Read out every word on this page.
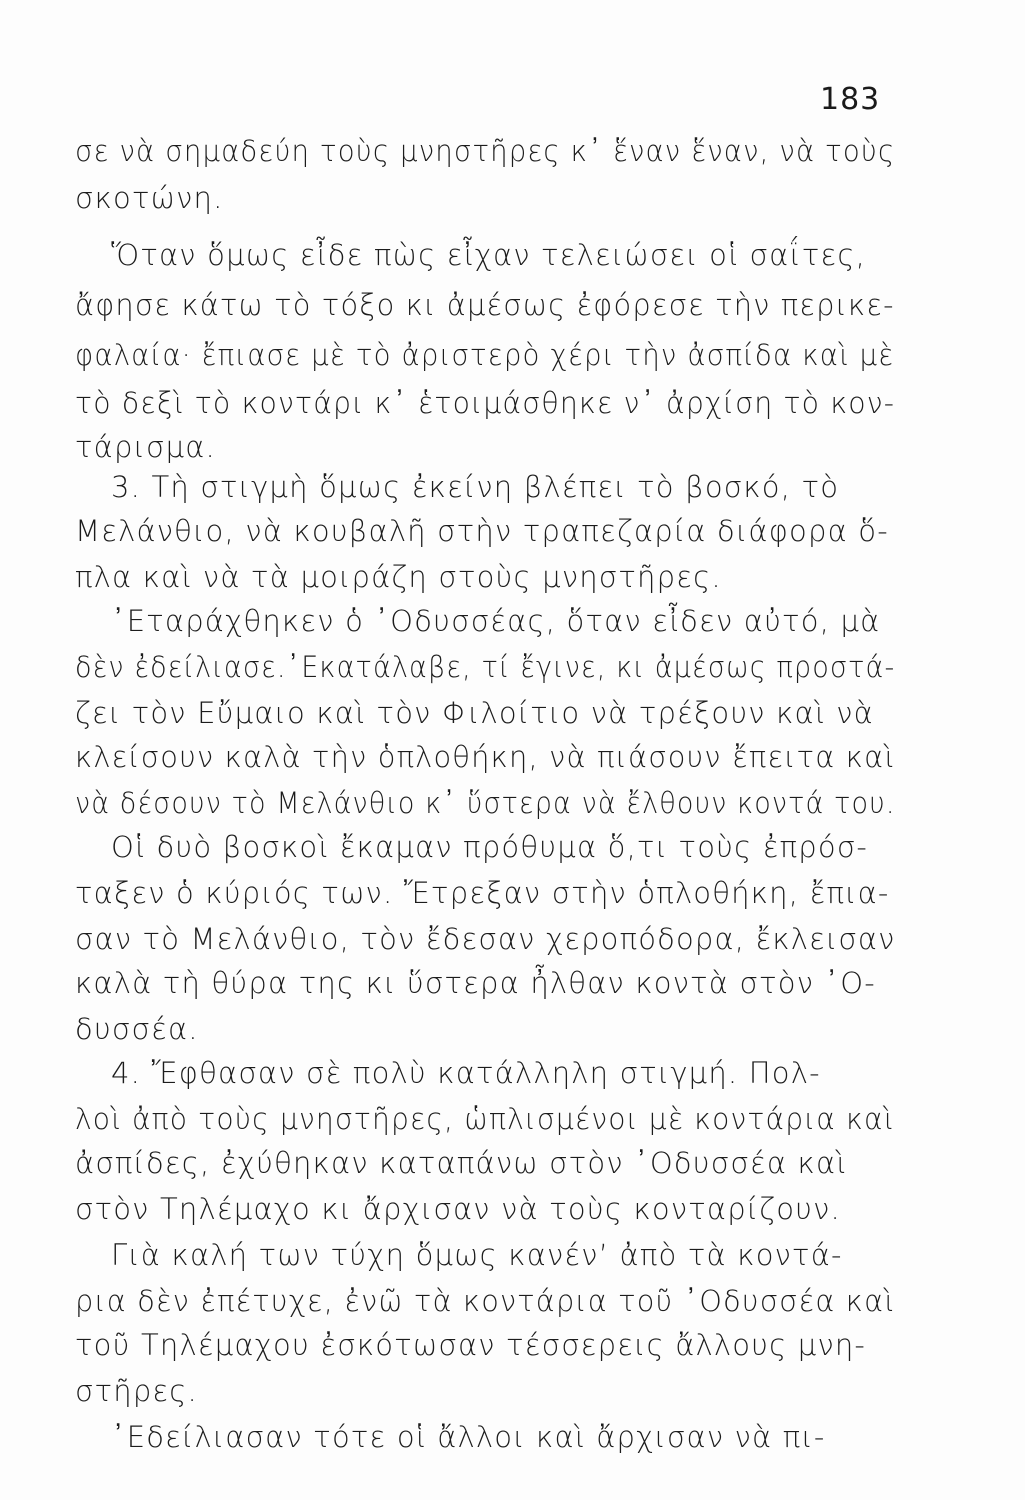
183
σε νὰ σημαδεύη τοὺς μνηστῆρες κ᾽ ἕναν ἕναν, νὰ τοὺς
σκοτώνη.
Ὅταν ὅμως εἶδε πὼς εἶχαν τελειώσει οἱ σαΐτες,
ἄφησε κάτω τὸ τόξο κι ἀμέσως ἐφόρεσε τὴν περικε-
φαλαία· ἔπιασε μὲ τὸ ἀριστερὸ χέρι τὴν ἀσπίδα καὶ μὲ
τὸ δεξὶ τὸ κοντάρι κ᾽ ἑτοιμάσθηκε ν᾽ ἀρχίση τὸ κον-
τάρισμα.
3. Τὴ στιγμὴ ὅμως ἐκείνη βλέπει τὸ βοσκό, τὸ
Μελάνθιο, νὰ κουβαλῆ στὴν τραπεζαρία διάφορα ὅ-
πλα καὶ νὰ τὰ μοιράζη στοὺς μνηστῆρες.
᾽Εταράχθηκεν ὁ ᾽Οδυσσέας, ὅταν εἶδεν αὐτό, μὰ
δὲν ἐδείλιασε.᾽Εκατάλαβε, τί ἔγινε, κι ἀμέσως προστά-
ζει τὸν Εὔμαιο καὶ τὸν Φιλοίτιο νὰ τρέξουν καὶ νὰ
κλείσουν καλὰ τὴν ὁπλοθήκη, νὰ πιάσουν ἔπειτα καὶ
νὰ δέσουν τὸ Μελάνθιο κ᾽ ὕστερα νὰ ἔλθουν κοντά του.
Οἱ δυὸ βοσκοὶ ἔκαμαν πρόθυμα ὅ,τι τοὺς ἐπρόσ-
ταξεν ὁ κύριός των. Ἔτρεξαν στὴν ὁπλοθήκη, ἔπια-
σαν τὸ Μελάνθιο, τὸν ἔδεσαν χεροπόδορα, ἔκλεισαν
καλὰ τὴ θύρα της κι ὕστερα ἦλθαν κοντὰ στὸν ᾽Ο-
δυσσέα.
4. Ἔφθασαν σὲ πολὺ κατάλληλη στιγμή. Πολ-
λοὶ ἀπὸ τοὺς μνηστῆρες, ὡπλισμένοι μὲ κοντάρια καὶ
ἀσπίδες, ἐχύθηκαν καταπάνω στὸν ᾽Οδυσσέα καὶ
στὸν Τηλέμαχο κι ἄρχισαν νὰ τοὺς κονταρίζουν.
Γιὰ καλή των τύχη ὅμως κανένʼ ἀπὸ τὰ κοντά-
ρια δὲν ἐπέτυχε, ἐνῶ τὰ κοντάρια τοῦ ᾽Οδυσσέα καὶ
τοῦ Τηλέμαχου ἐσκότωσαν τέσσερεις ἄλλους μνη-
στῆρες.
᾽Εδείλιασαν τότε οἱ ἄλλοι καὶ ἄρχισαν νὰ πι-
